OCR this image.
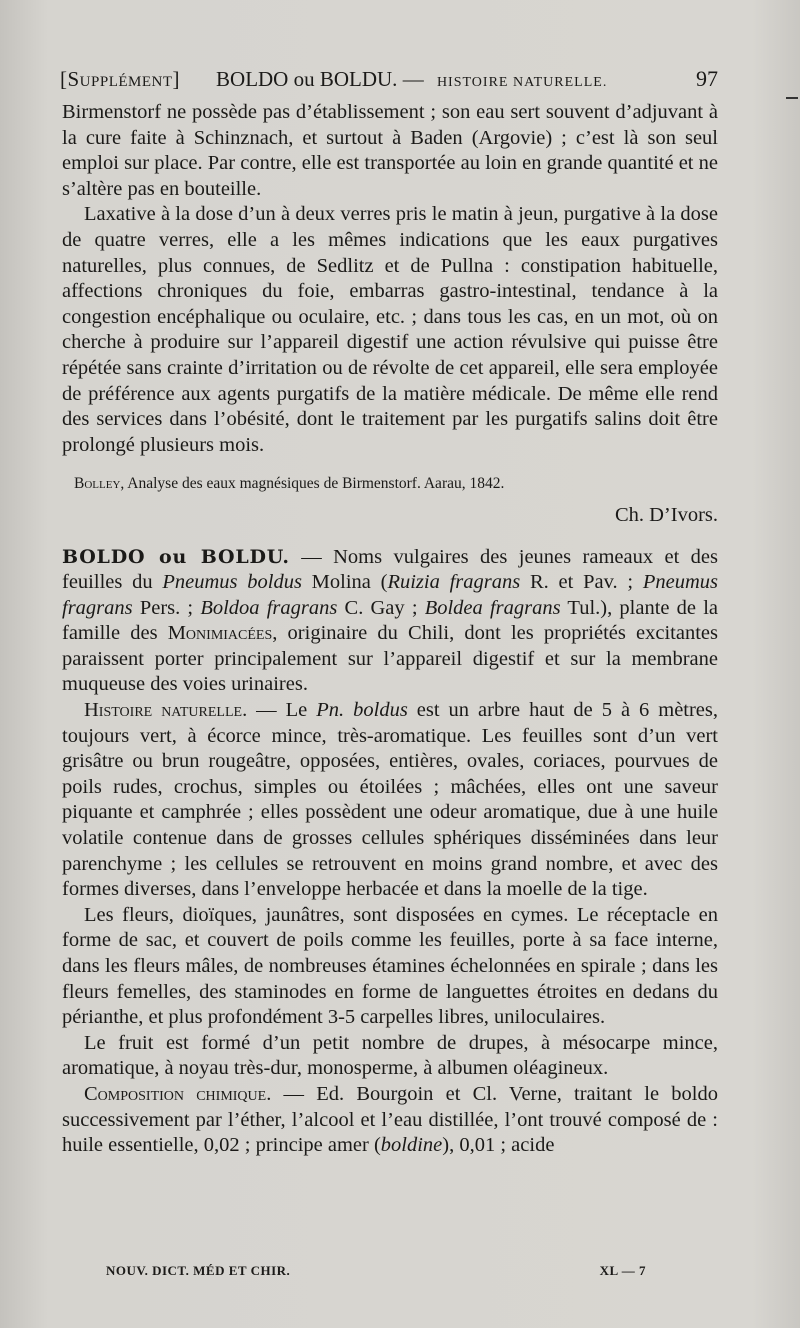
[Supplément] BOLDO ou BOLDU. — HISTOIRE NATURELLE.	97

Birmenstorf ne possède pas d’établissement ; son eau sert souvent d’adjuvant à la cure faite à Schinznach, et surtout à Baden (Argovie) ; c’est là son seul emploi sur place. Par contre, elle est transportée au loin en grande quantité et ne s’altère pas en bouteille.

Laxative à la dose d’un à deux verres pris le matin à jeun, purgative à la dose de quatre verres, elle a les mêmes indications que les eaux purgatives naturelles, plus connues, de Sedlitz et de Pullna : constipation habituelle, affections chroniques du foie, embarras gastro-intestinal, tendance à la congestion encéphalique ou oculaire, etc. ; dans tous les cas, en un mot, où on cherche à produire sur l’appareil digestif une action révulsive qui puisse être répétée sans crainte d’irritation ou de révolte de cet appareil, elle sera employée de préférence aux agents purgatifs de la matière médicale. De même elle rend des services dans l’obésité, dont le traitement par les purgatifs salins doit être prolongé plusieurs mois.

Bolley, Analyse des eaux magnésiques de Birmenstorf. Aarau, 1842.

Ch. D’Ivors.

BOLDO ou BOLDU. — Noms vulgaires des jeunes rameaux et des feuilles du Pneumus boldus Molina (Ruizia fragrans R. et Pav. ; Pneumus fragrans Pers. ; Boldoa fragrans C. Gay ; Boldea fragrans Tul.), plante de la famille des Monimiacées, originaire du Chili, dont les propriétés excitantes paraissent porter principalement sur l’appareil digestif et sur la membrane muqueuse des voies urinaires.

Histoire naturelle. — Le Pn. boldus est un arbre haut de 5 à 6 mètres, toujours vert, à écorce mince, très-aromatique. Les feuilles sont d’un vert grisâtre ou brun rougeâtre, opposées, entières, ovales, coriaces, pourvues de poils rudes, crochus, simples ou étoilées ; mâchées, elles ont une saveur piquante et camphrée ; elles possèdent une odeur aromatique, due à une huile volatile contenue dans de grosses cellules sphériques disséminées dans leur parenchyme ; les cellules se retrouvent en moins grand nombre, et avec des formes diverses, dans l’enveloppe herbacée et dans la moelle de la tige.

Les fleurs, dioïques, jaunâtres, sont disposées en cymes. Le réceptacle en forme de sac, et couvert de poils comme les feuilles, porte à sa face interne, dans les fleurs mâles, de nombreuses étamines échelonnées en spirale ; dans les fleurs femelles, des staminodes en forme de languettes étroites en dedans du périanthe, et plus profondément 3-5 carpelles libres, uniloculaires.

Le fruit est formé d’un petit nombre de drupes, à mésocarpe mince, aromatique, à noyau très-dur, monosperme, à albumen oléagineux.

Composition chimique. — Ed. Bourgoin et Cl. Verne, traitant le boldo successivement par l’éther, l’alcool et l’eau distillée, l’ont trouvé composé de : huile essentielle, 0,02 ; principe amer (boldine), 0,01 ; acide

NOUV. DICT. MÉD ET CHIR.	XL — 7
